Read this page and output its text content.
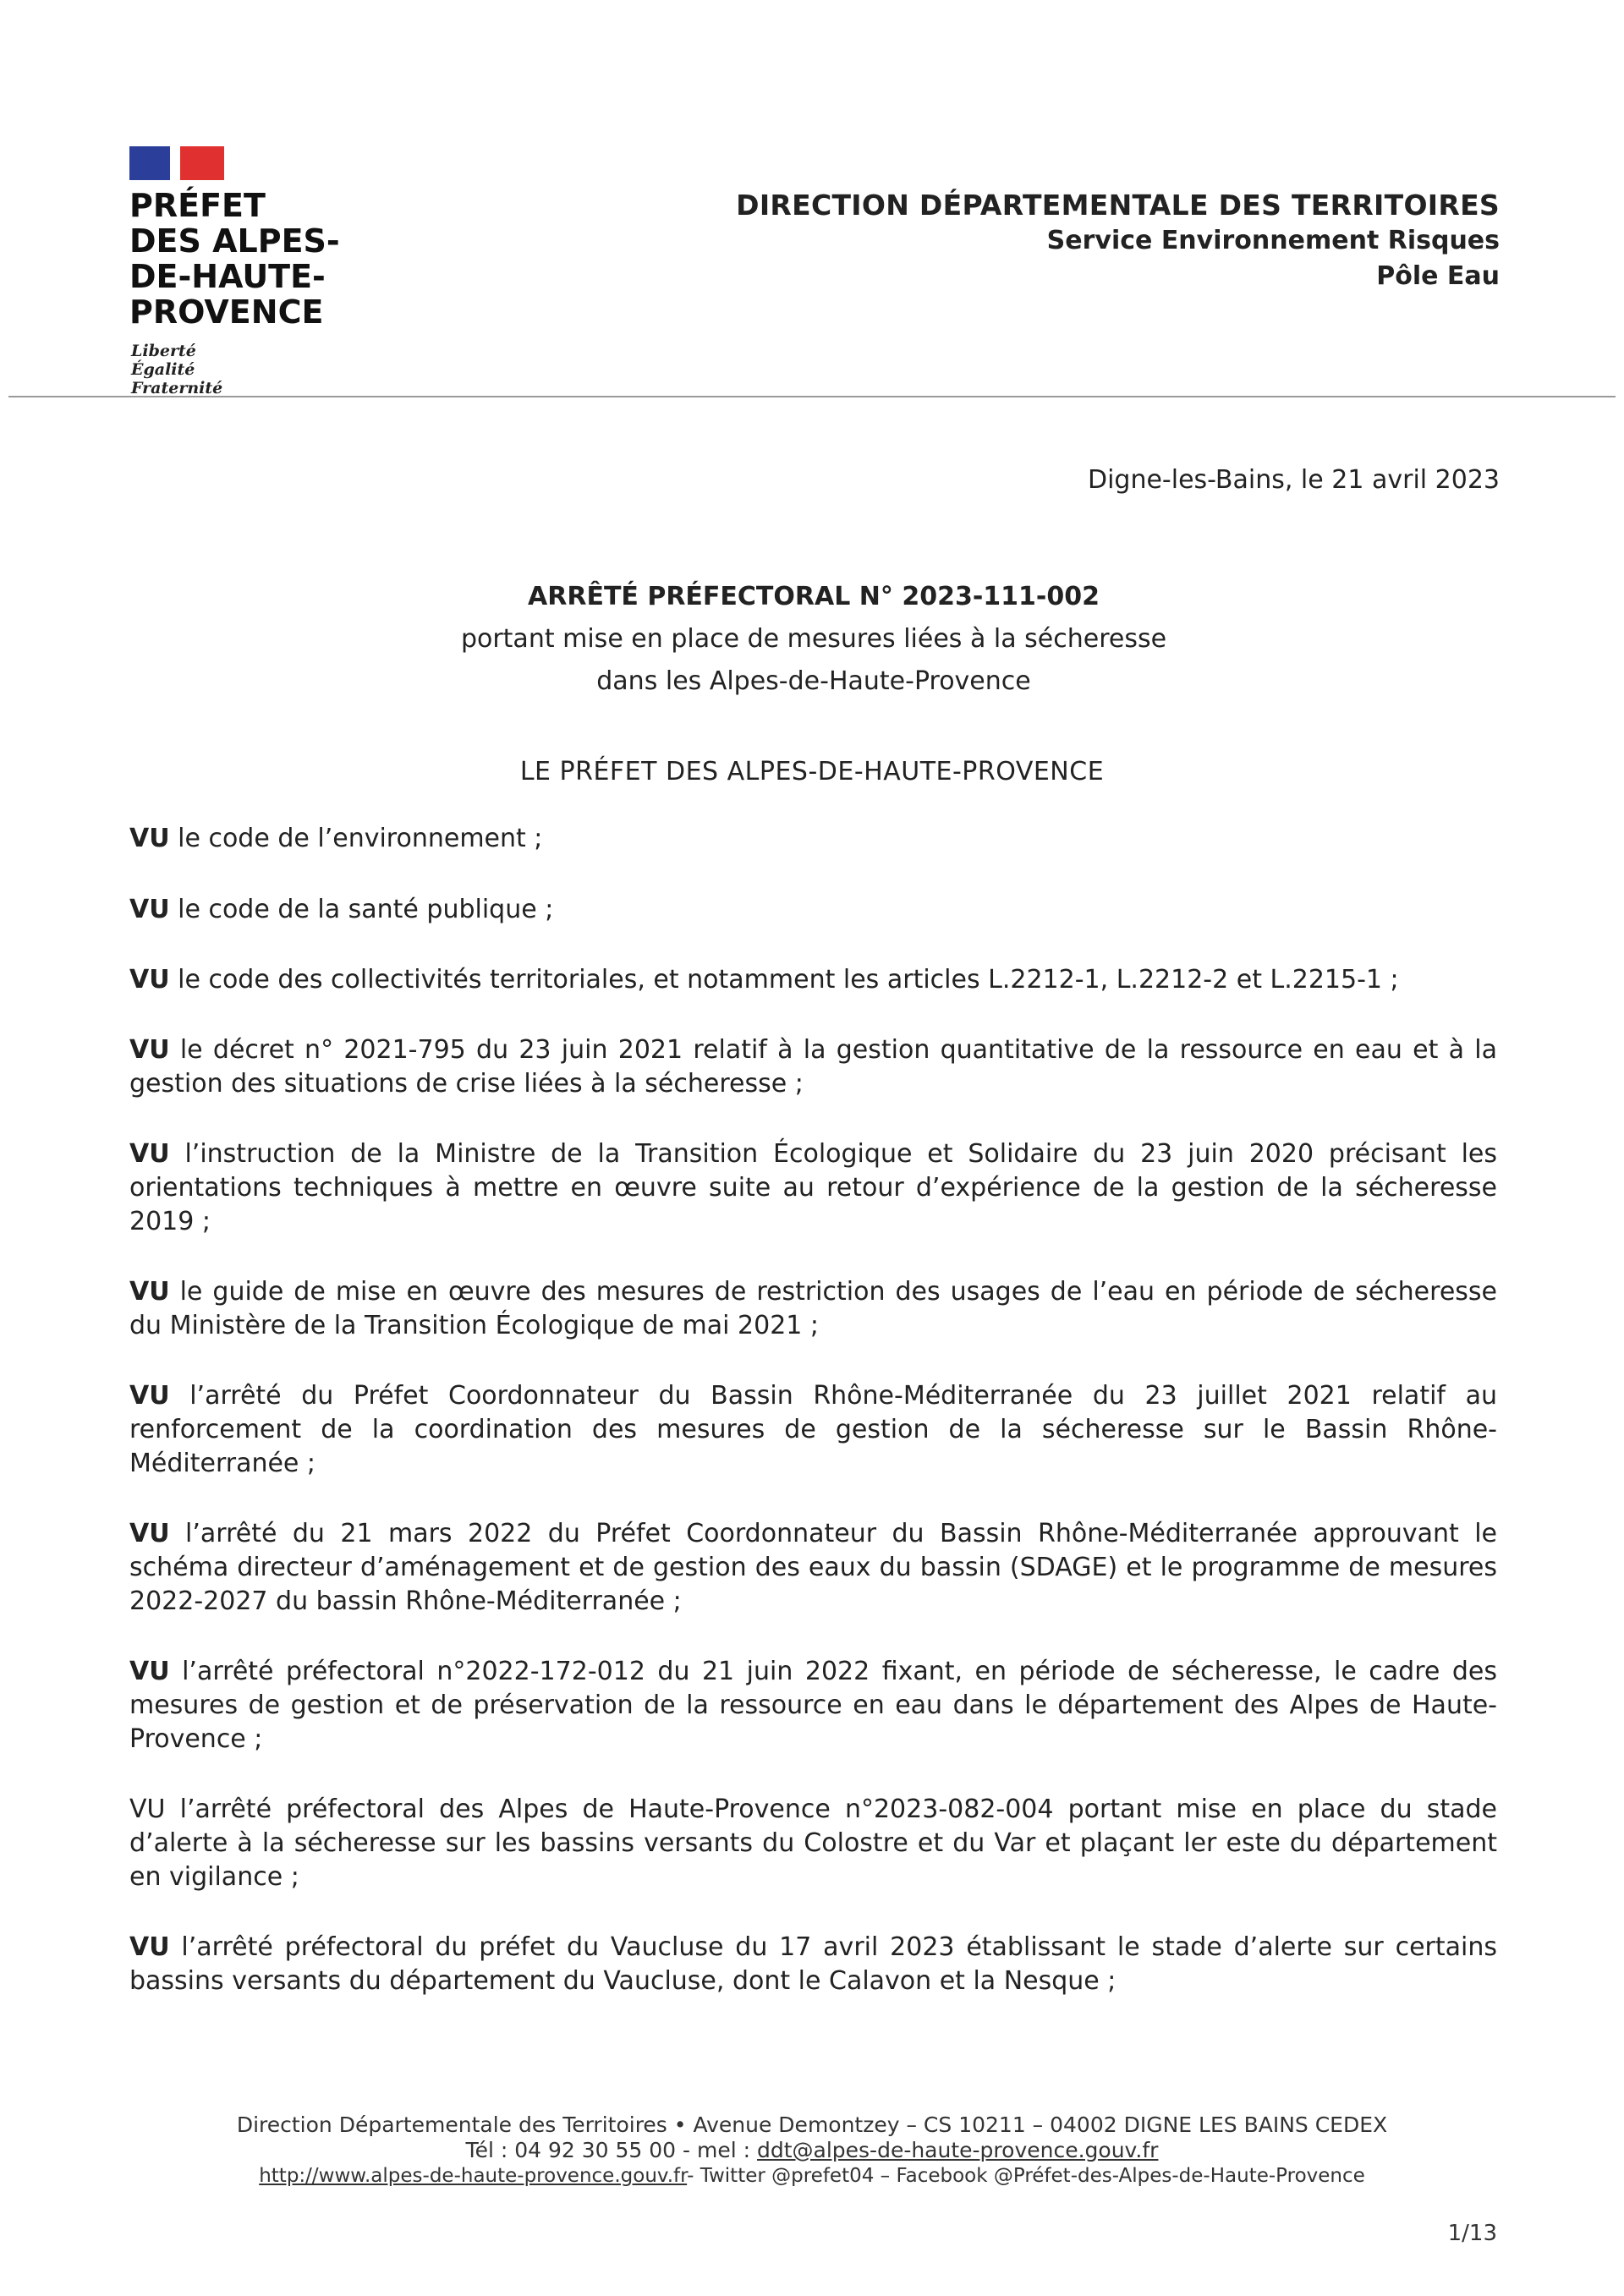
PRÉFET
DES ALPES-
DE-HAUTE-
PROVENCE
Liberté
Égalité
Fraternité
DIRECTION DÉPARTEMENTALE DES TERRITOIRES
Service Environnement Risques
Pôle Eau
Digne-les-Bains, le 21 avril 2023
ARRÊTÉ PRÉFECTORAL N° 2023-111-002
portant mise en place de mesures liées à la sécheresse
dans les Alpes-de-Haute-Provence
LE PRÉFET DES ALPES-DE-HAUTE-PROVENCE

VU le code de l’environnement ;

VU le code de la santé publique ;

VU le code des collectivités territoriales, et notamment les articles L.2212-1, L.2212-2 et L.2215-1 ;

VU le décret n° 2021-795 du 23 juin 2021 relatif à la gestion quantitative de la ressource en eau et à la gestion des situations de crise liées à la sécheresse ;

VU l’instruction de la Ministre de la Transition Écologique et Solidaire du 23 juin 2020 précisant les orientations techniques à mettre en œuvre suite au retour d’expérience de la gestion de la sécheresse 2019 ;

VU le guide de mise en œuvre des mesures de restriction des usages de l’eau en période de sécheresse du Ministère de la Transition Écologique de mai 2021 ;

VU l’arrêté du Préfet Coordonnateur du Bassin Rhône-Méditerranée du 23 juillet 2021 relatif au renforcement de la coordination des mesures de gestion de la sécheresse sur le Bassin Rhône-Méditerranée ;

VU l’arrêté du 21 mars 2022 du Préfet Coordonnateur du Bassin Rhône-Méditerranée approuvant le schéma directeur d’aménagement et de gestion des eaux du bassin (SDAGE) et le programme de mesures 2022-2027 du bassin Rhône-Méditerranée ;

VU l’arrêté préfectoral n°2022-172-012 du 21 juin 2022 fixant, en période de sécheresse, le cadre des mesures de gestion et de préservation de la ressource en eau dans le département des Alpes de Haute-Provence ;

VU l’arrêté préfectoral des Alpes de Haute-Provence n°2023-082-004 portant mise en place du stade d’alerte à la sécheresse sur les bassins versants du Colostre et du Var et plaçant ler este du département en vigilance ;

VU l’arrêté préfectoral du préfet du Vaucluse du 17 avril 2023 établissant le stade d’alerte sur certains bassins versants du département du Vaucluse, dont le Calavon et la Nesque ;

Direction Départementale des Territoires • Avenue Demontzey – CS 10211 – 04002 DIGNE LES BAINS CEDEX
Tél : 04 92 30 55 00 - mel : ddt@alpes-de-haute-provence.gouv.fr
http://www.alpes-de-haute-provence.gouv.fr- Twitter @prefet04 – Facebook @Préfet-des-Alpes-de-Haute-Provence
1/13
